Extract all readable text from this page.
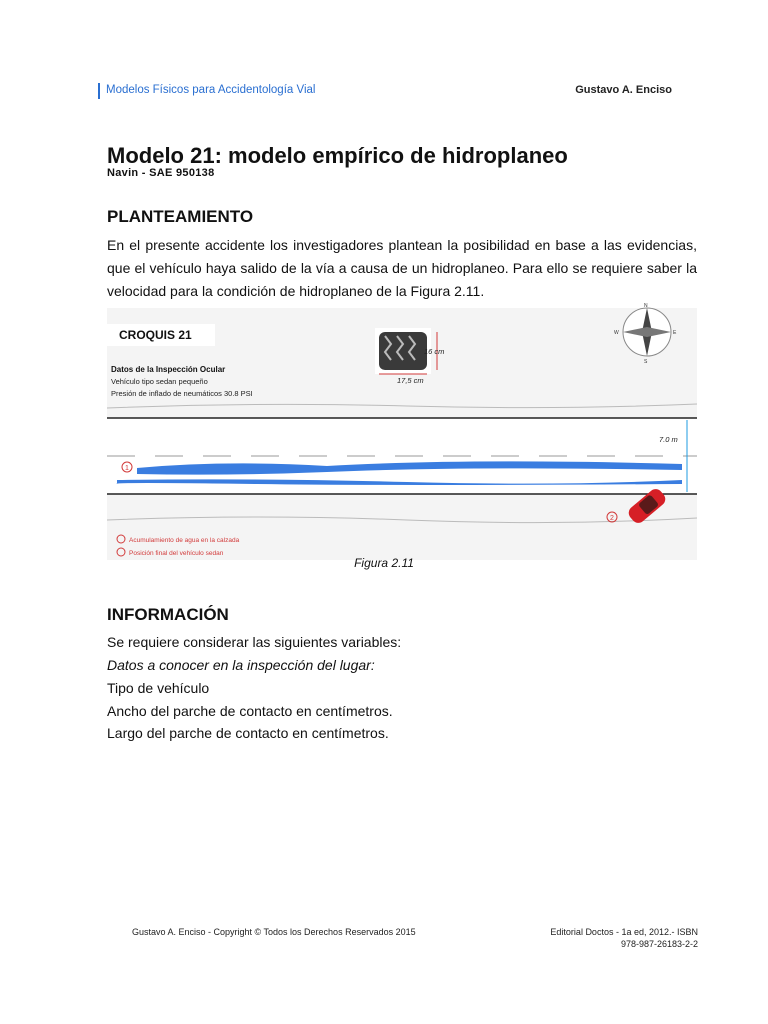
Modelos Físicos para Accidentología Vial	Gustavo A. Enciso
Modelo 21: modelo empírico de hidroplaneo
Navin - SAE 950138
PLANTEAMIENTO

En el presente accidente los investigadores plantean la posibilidad en base a las evidencias, que el vehículo haya salido de la vía a causa de un hidroplaneo. Para ello se requiere saber la velocidad para la condición de hidroplaneo de la Figura 2.11.

CROQUIS 21
Datos de la Inspección Ocular
Vehículo tipo sedan pequeño
Presión de inflado de neumáticos 30.8 PSI
16 cm
17,5 cm
N
S
E
W
7.0 m
1
2
Acumulamiento de agua en la calzada
Posición final del vehículo sedan
Figura 2.11
INFORMACIÓN
Se requiere considerar las siguientes variables:
Datos a conocer en la inspección del lugar:
Tipo de vehículo
Ancho del parche de contacto en centímetros.
Largo del parche de contacto en centímetros.
Gustavo A. Enciso - Copyright © Todos los Derechos Reservados 2015	Editorial Doctos - 1a ed, 2012.- ISBN
978-987-26183-2-2
